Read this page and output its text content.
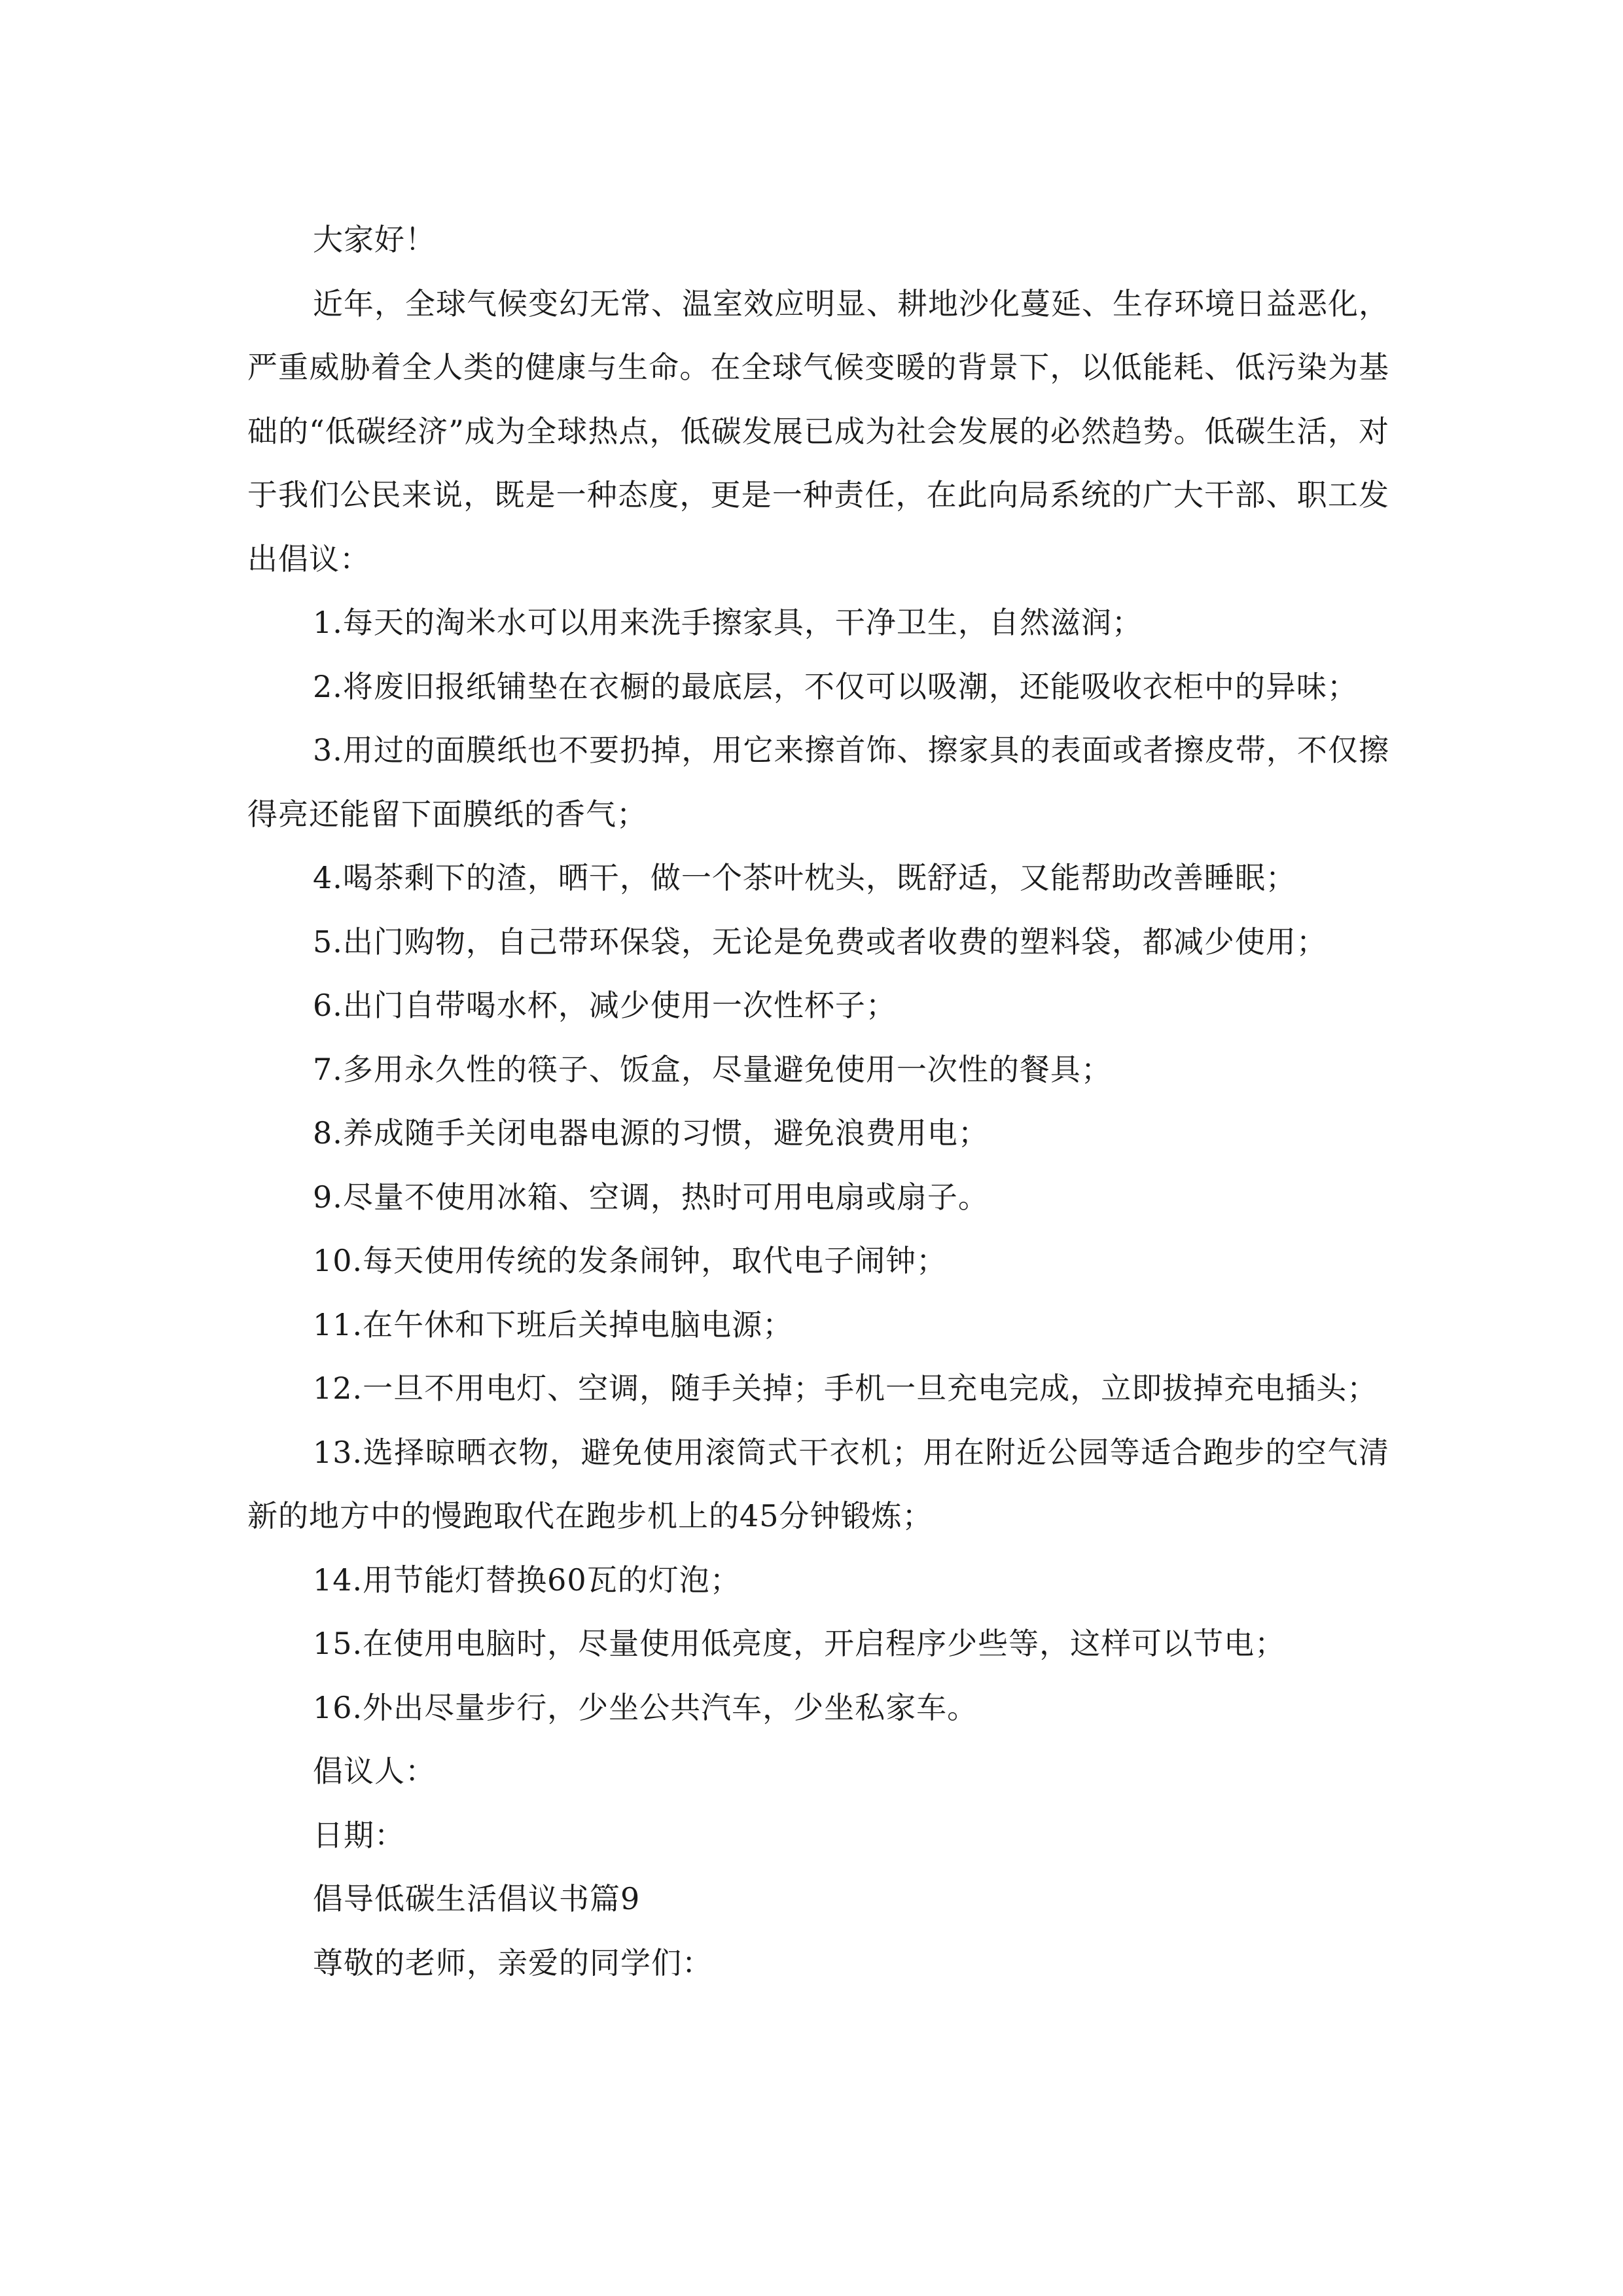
大家好！

近年，全球气候变幻无常、温室效应明显、耕地沙化蔓延、生存环境日益恶化，严重威胁着全人类的健康与生命。在全球气候变暖的背景下，以低能耗、低污染为基础的“低碳经济”成为全球热点，低碳发展已成为社会发展的必然趋势。低碳生活，对于我们公民来说，既是一种态度，更是一种责任，在此向局系统的广大干部、职工发出倡议：

1.每天的淘米水可以用来洗手擦家具，干净卫生，自然滋润；

2.将废旧报纸铺垫在衣橱的最底层，不仅可以吸潮，还能吸收衣柜中的异味；

3.用过的面膜纸也不要扔掉，用它来擦首饰、擦家具的表面或者擦皮带，不仅擦得亮还能留下面膜纸的香气；

4.喝茶剩下的渣，晒干，做一个茶叶枕头，既舒适，又能帮助改善睡眠；

5.出门购物，自己带环保袋，无论是免费或者收费的塑料袋，都减少使用；

6.出门自带喝水杯，减少使用一次性杯子；

7.多用永久性的筷子、饭盒，尽量避免使用一次性的餐具；

8.养成随手关闭电器电源的习惯，避免浪费用电；

9.尽量不使用冰箱、空调，热时可用电扇或扇子。

10.每天使用传统的发条闹钟，取代电子闹钟；

11.在午休和下班后关掉电脑电源；

12.一旦不用电灯、空调，随手关掉；手机一旦充电完成，立即拔掉充电插头；

13.选择晾晒衣物，避免使用滚筒式干衣机；用在附近公园等适合跑步的空气清新的地方中的慢跑取代在跑步机上的45分钟锻炼；

14.用节能灯替换60瓦的灯泡；

15.在使用电脑时，尽量使用低亮度，开启程序少些等，这样可以节电；

16.外出尽量步行，少坐公共汽车，少坐私家车。

倡议人：

日期：

倡导低碳生活倡议书篇9

尊敬的老师，亲爱的同学们：
